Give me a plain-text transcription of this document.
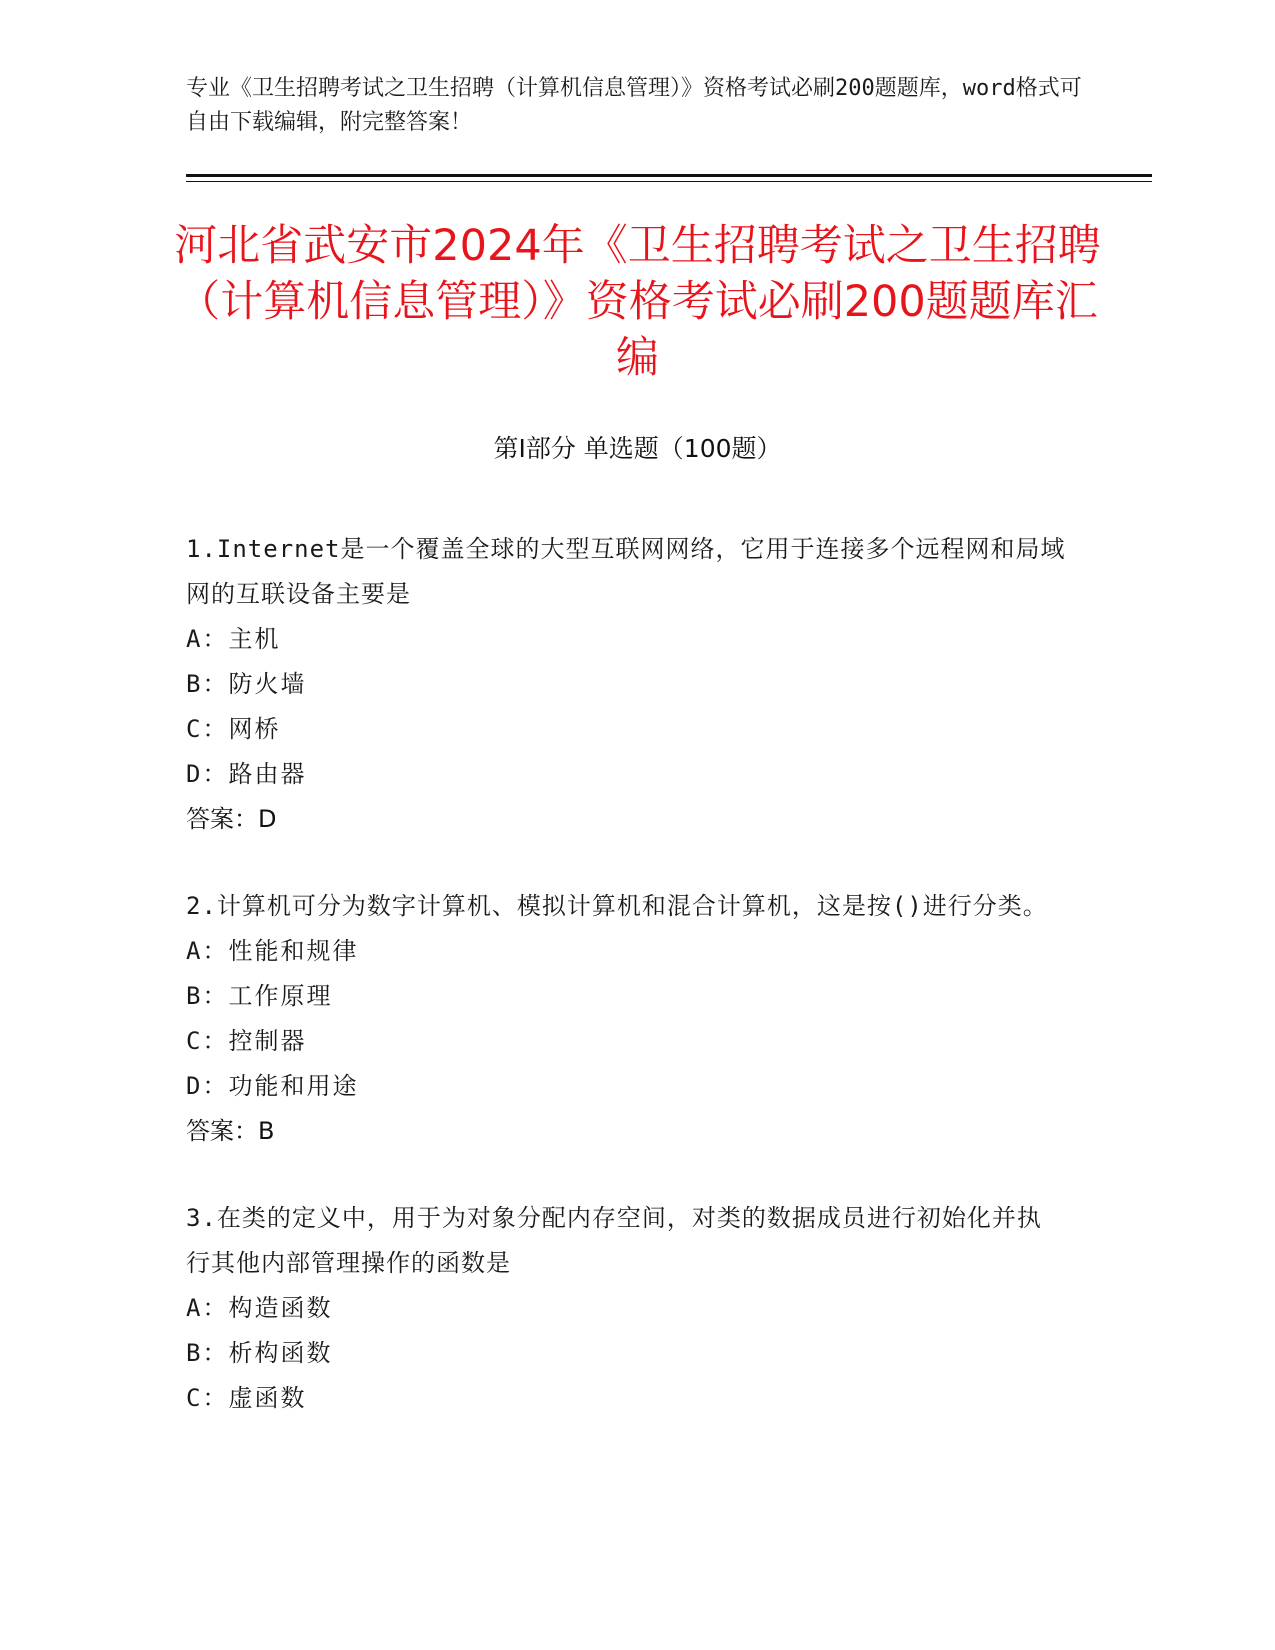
专业《卫生招聘考试之卫生招聘（计算机信息管理）》资格考试必刷200题题库，word格式可自由下载编辑，附完整答案！
河北省武安市2024年《卫生招聘考试之卫生招聘（计算机信息管理）》资格考试必刷200题题库汇编
第Ⅰ部分 单选题（100题）
1.Internet是一个覆盖全球的大型互联网网络，它用于连接多个远程网和局域网的互联设备主要是
A：主机
B：防火墙
C：网桥
D：路由器
答案：D
2.计算机可分为数字计算机、模拟计算机和混合计算机，这是按()进行分类。
A：性能和规律
B：工作原理
C：控制器
D：功能和用途
答案：B
3.在类的定义中，用于为对象分配内存空间，对类的数据成员进行初始化并执行其他内部管理操作的函数是
A：构造函数
B：析构函数
C：虚函数
